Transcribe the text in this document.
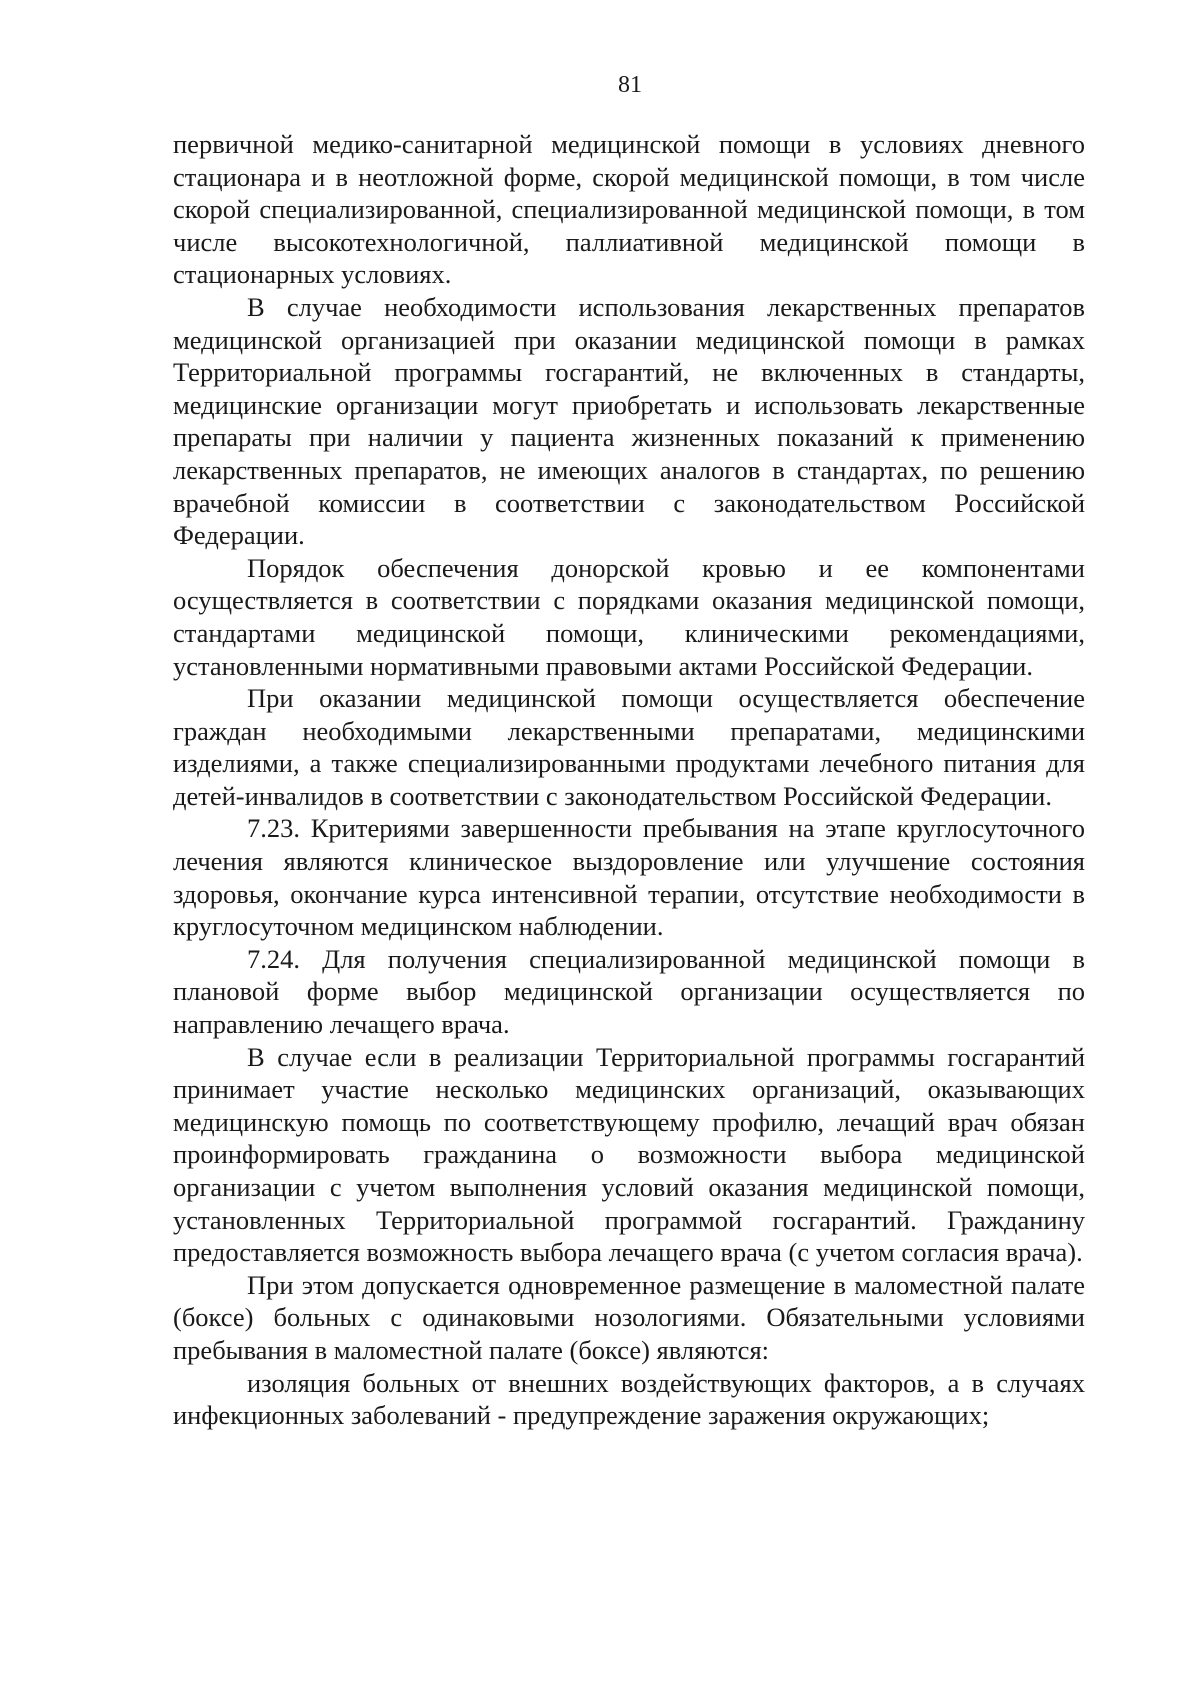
81

первичной медико-санитарной медицинской помощи в условиях дневного стационара и в неотложной форме, скорой медицинской помощи, в том числе скорой специализированной, специализированной медицинской помощи, в том числе высокотехнологичной, паллиативной медицинской помощи в стационарных условиях.

В случае необходимости использования лекарственных препаратов медицинской организацией при оказании медицинской помощи в рамках Территориальной программы госгарантий, не включенных в стандарты, медицинские организации могут приобретать и использовать лекарственные препараты при наличии у пациента жизненных показаний к применению лекарственных препаратов, не имеющих аналогов в стандартах, по решению врачебной комиссии в соответствии с законодательством Российской Федерации.

Порядок обеспечения донорской кровью и ее компонентами осуществляется в соответствии с порядками оказания медицинской помощи, стандартами медицинской помощи, клиническими рекомендациями, установленными нормативными правовыми актами Российской Федерации.

При оказании медицинской помощи осуществляется обеспечение граждан необходимыми лекарственными препаратами, медицинскими изделиями, а также специализированными продуктами лечебного питания для детей-инвалидов в соответствии с законодательством Российской Федерации.

7.23. Критериями завершенности пребывания на этапе круглосуточного лечения являются клиническое выздоровление или улучшение состояния здоровья, окончание курса интенсивной терапии, отсутствие необходимости в круглосуточном медицинском наблюдении.

7.24. Для получения специализированной медицинской помощи в плановой форме выбор медицинской организации осуществляется по направлению лечащего врача.

В случае если в реализации Территориальной программы госгарантий принимает участие несколько медицинских организаций, оказывающих медицинскую помощь по соответствующему профилю, лечащий врач обязан проинформировать гражданина о возможности выбора медицинской организации с учетом выполнения условий оказания медицинской помощи, установленных Территориальной программой госгарантий. Гражданину предоставляется возможность выбора лечащего врача (с учетом согласия врача).

При этом допускается одновременное размещение в маломестной палате (боксе) больных с одинаковыми нозологиями. Обязательными условиями пребывания в маломестной палате (боксе) являются:

изоляция больных от внешних воздействующих факторов, а в случаях инфекционных заболеваний - предупреждение заражения окружающих;
